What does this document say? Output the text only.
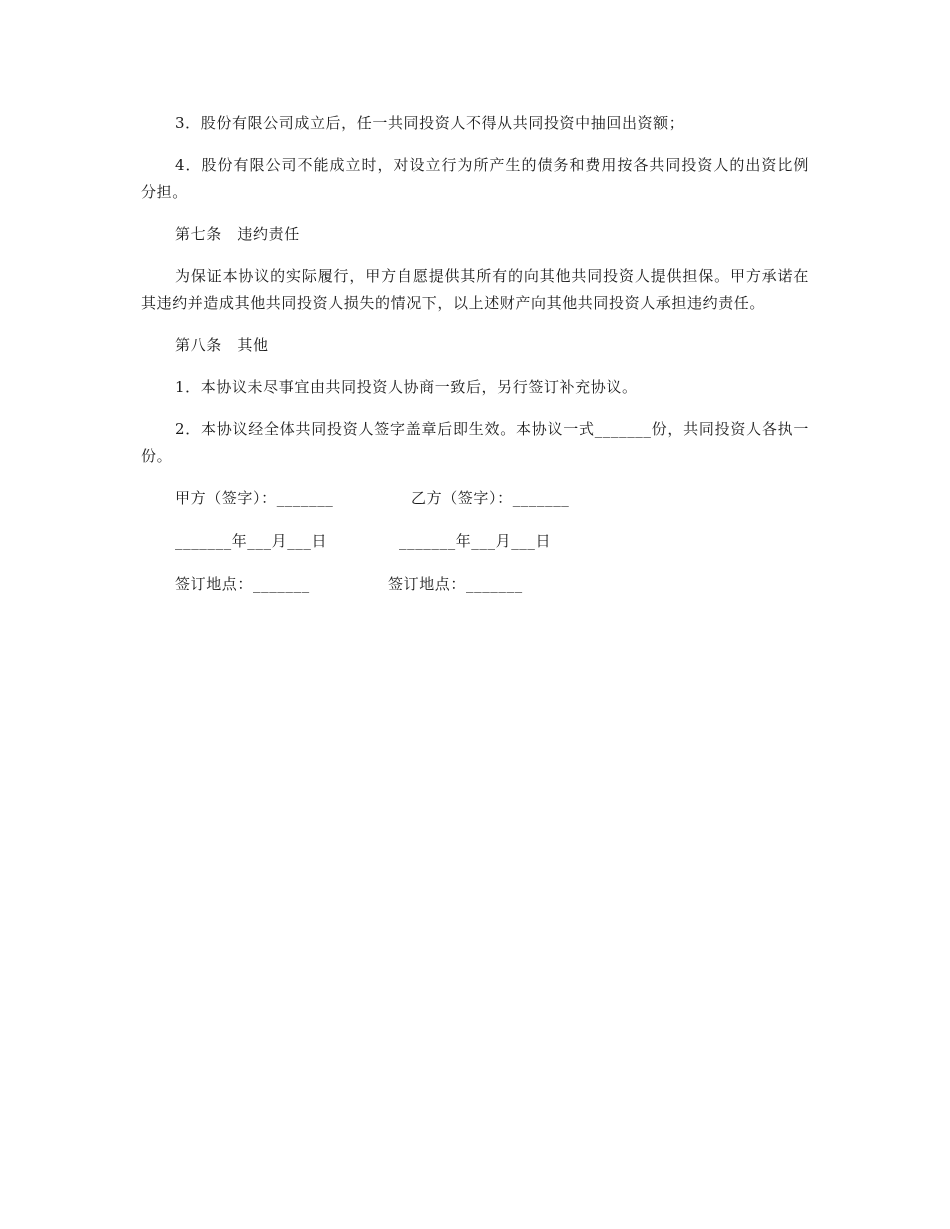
3．股份有限公司成立后，任一共同投资人不得从共同投资中抽回出资额；

4．股份有限公司不能成立时，对设立行为所产生的债务和费用按各共同投资人的出资比例分担。

第七条　违约责任

为保证本协议的实际履行，甲方自愿提供其所有的向其他共同投资人提供担保。甲方承诺在其违约并造成其他共同投资人损失的情况下，以上述财产向其他共同投资人承担违约责任。

第八条　其他

1．本协议未尽事宜由共同投资人协商一致后，另行签订补充协议。

2．本协议经全体共同投资人签字盖章后即生效。本协议一式_______份，共同投资人各执一份。

甲方（签字）：_______	乙方（签字）：_______
_______年___月___日	_______年___月___日
签订地点：_______	签订地点：_______
